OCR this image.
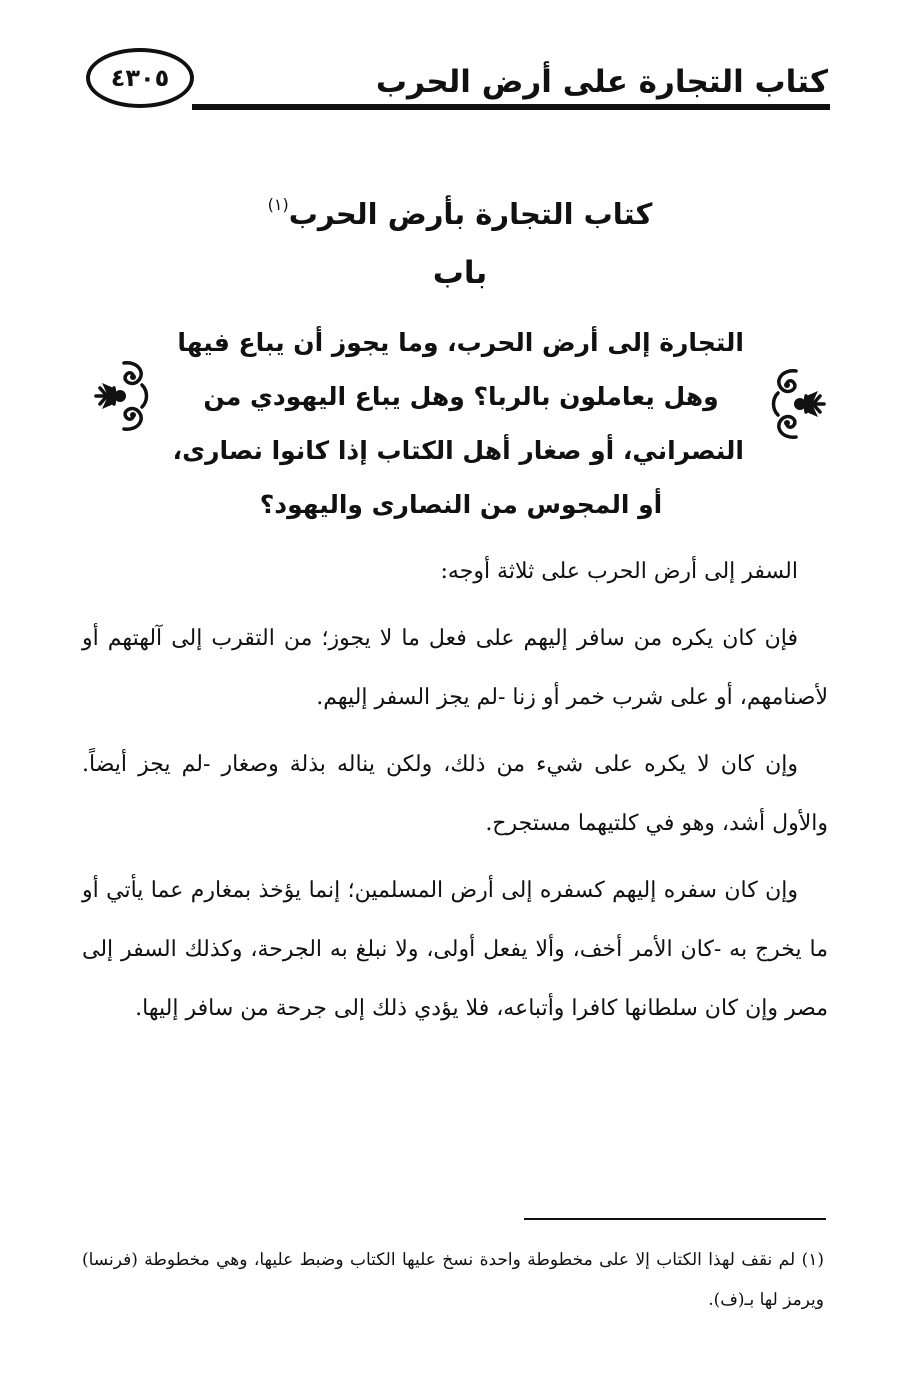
كتاب التجارة على أرض الحرب
٤٣٠٥
كتاب التجارة بأرض الحرب$^{(١)}$
باب
التجارة إلى أرض الحرب، وما يجوز أن يباع فيها
وهل يعاملون بالربا؟ وهل يباع اليهودي من
النصراني، أو صغار أهل الكتاب إذا كانوا نصارى،
أو المجوس من النصارى واليهود؟

السفر إلى أرض الحرب على ثلاثة أوجه:

فإن كان يكره من سافر إليهم على فعل ما لا يجوز؛ من التقرب إلى آلهتهم أو لأصنامهم، أو على شرب خمر أو زنا -لم يجز السفر إليهم.

وإن كان لا يكره على شيء من ذلك، ولكن يناله بذلة وصغار -لم يجز أيضاً. والأول أشد، وهو في كلتيهما مستجرح.

وإن كان سفره إليهم كسفره إلى أرض المسلمين؛ إنما يؤخذ بمغارم عما يأتي أو ما يخرج به -كان الأمر أخف، وألا يفعل أولى، ولا نبلغ به الجرحة، وكذلك السفر إلى مصر وإن كان سلطانها كافرا وأتباعه، فلا يؤدي ذلك إلى جرحة من سافر إليها.

(١) لم نقف لهذا الكتاب إلا على مخطوطة واحدة نسخ عليها الكتاب وضبط عليها، وهي مخطوطة (فرنسا) ويرمز لها بـ(ف).
